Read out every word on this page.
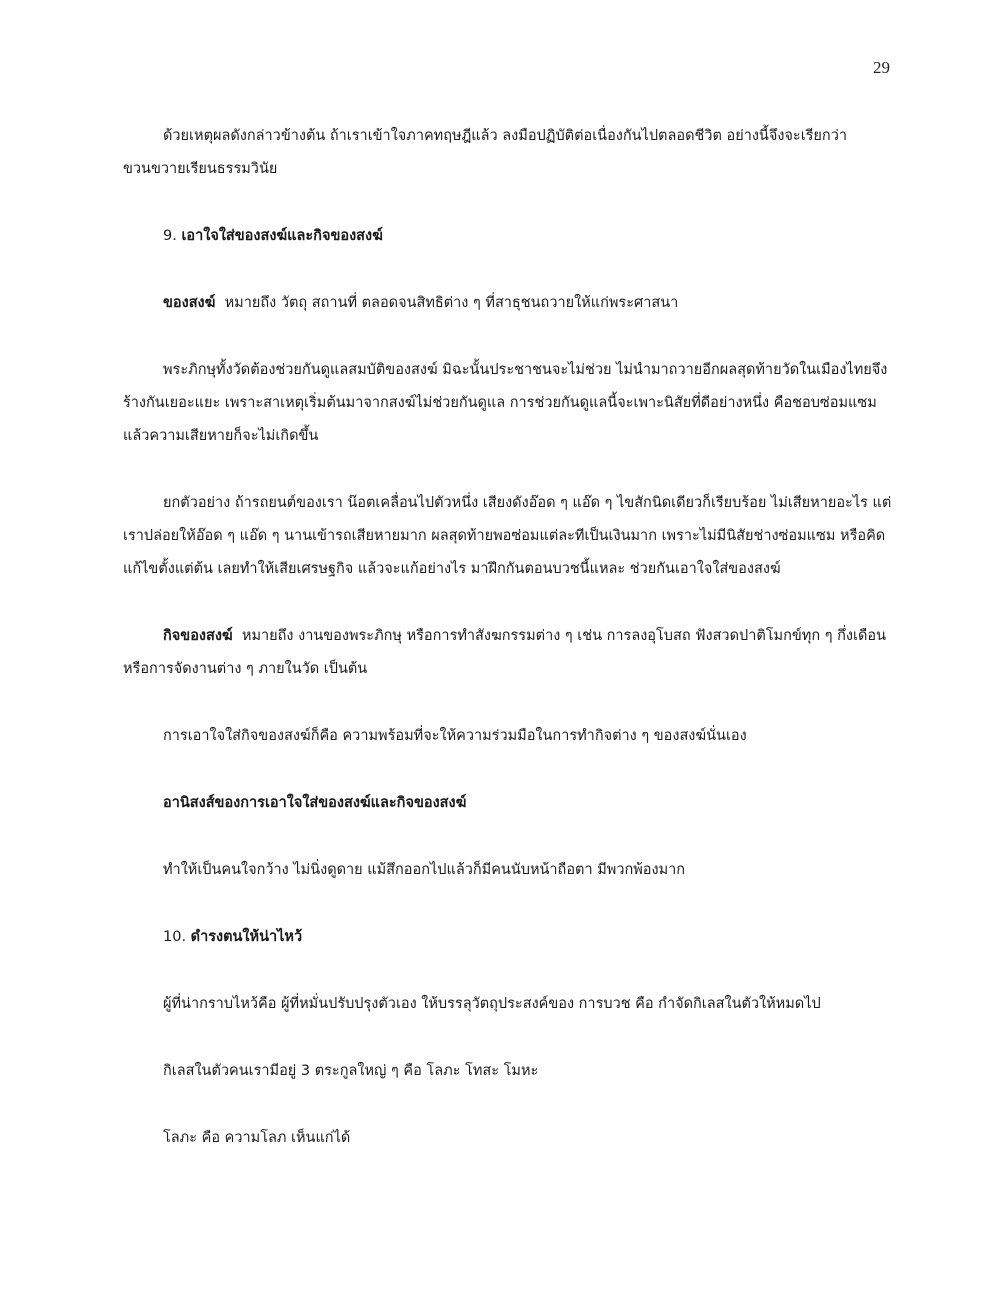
29

ด้วยเหตุผลดังกล่าวข้างต้น ถ้าเราเข้าใจภาคทฤษฎีแล้ว ลงมือปฏิบัติต่อเนื่องกันไปตลอดชีวิต อย่างนี้จึงจะเรียกว่า ขวนขวายเรียนธรรมวินัย

9. เอาใจใส่ของสงฆ์และกิจของสงฆ์

ของสงฆ์ หมายถึง วัตถุ สถานที่ ตลอดจนสิทธิต่าง ๆ ที่สาธุชนถวายให้แก่พระศาสนา

พระภิกษุทั้งวัดต้องช่วยกันดูแลสมบัติของสงฆ์ มิฉะนั้นประชาชนจะไม่ช่วย ไม่นำมาถวายอีกผลสุดท้ายวัดในเมืองไทยจึงร้างกันเยอะแยะ เพราะสาเหตุเริ่มต้นมาจากสงฆ์ไม่ช่วยกันดูแล การช่วยกันดูแลนี้จะเพาะนิสัยที่ดีอย่างหนึ่ง คือชอบซ่อมแซม แล้วความเสียหายก็จะไม่เกิดขึ้น

ยกตัวอย่าง ถ้ารถยนต์ของเรา น๊อตเคลื่อนไปตัวหนึ่ง เสียงดังอ๊อด ๆ แอ๊ด ๆ ไขสักนิดเดียวก็เรียบร้อย ไม่เสียหายอะไร แต่เราปล่อยให้อ๊อด ๆ แอ๊ด ๆ นานเข้ารถเสียหายมาก ผลสุดท้ายพอซ่อมแต่ละทีเป็นเงินมาก เพราะไม่มีนิสัยช่างซ่อมแซม หรือคิดแก้ไขตั้งแต่ต้น เลยทำให้เสียเศรษฐกิจ แล้วจะแก้อย่างไร มาฝึกกันตอนบวชนี้แหละ ช่วยกันเอาใจใส่ของสงฆ์

กิจของสงฆ์ หมายถึง งานของพระภิกษุ หรือการทำสังฆกรรมต่าง ๆ เช่น การลงอุโบสถ ฟังสวดปาติโมกข์ทุก ๆ กึ่งเดือน หรือการจัดงานต่าง ๆ ภายในวัด เป็นต้น

การเอาใจใส่กิจของสงฆ์ก็คือ ความพร้อมที่จะให้ความร่วมมือในการทำกิจต่าง ๆ ของสงฆ์นั่นเอง

อานิสงส์ของการเอาใจใส่ของสงฆ์และกิจของสงฆ์

ทำให้เป็นคนใจกว้าง ไม่นิ่งดูดาย แม้สึกออกไปแล้วก็มีคนนับหน้าถือตา มีพวกพ้องมาก

10. ดำรงตนให้น่าไหว้

ผู้ที่น่ากราบไหว้คือ ผู้ที่หมั่นปรับปรุงตัวเอง ให้บรรลุวัตถุประสงค์ของ การบวช คือ กำจัดกิเลสในตัวให้หมดไป

กิเลสในตัวคนเรามีอยู่ 3 ตระกูลใหญ่ ๆ คือ โลภะ โทสะ โมหะ

โลภะ คือ ความโลภ เห็นแก่ได้
